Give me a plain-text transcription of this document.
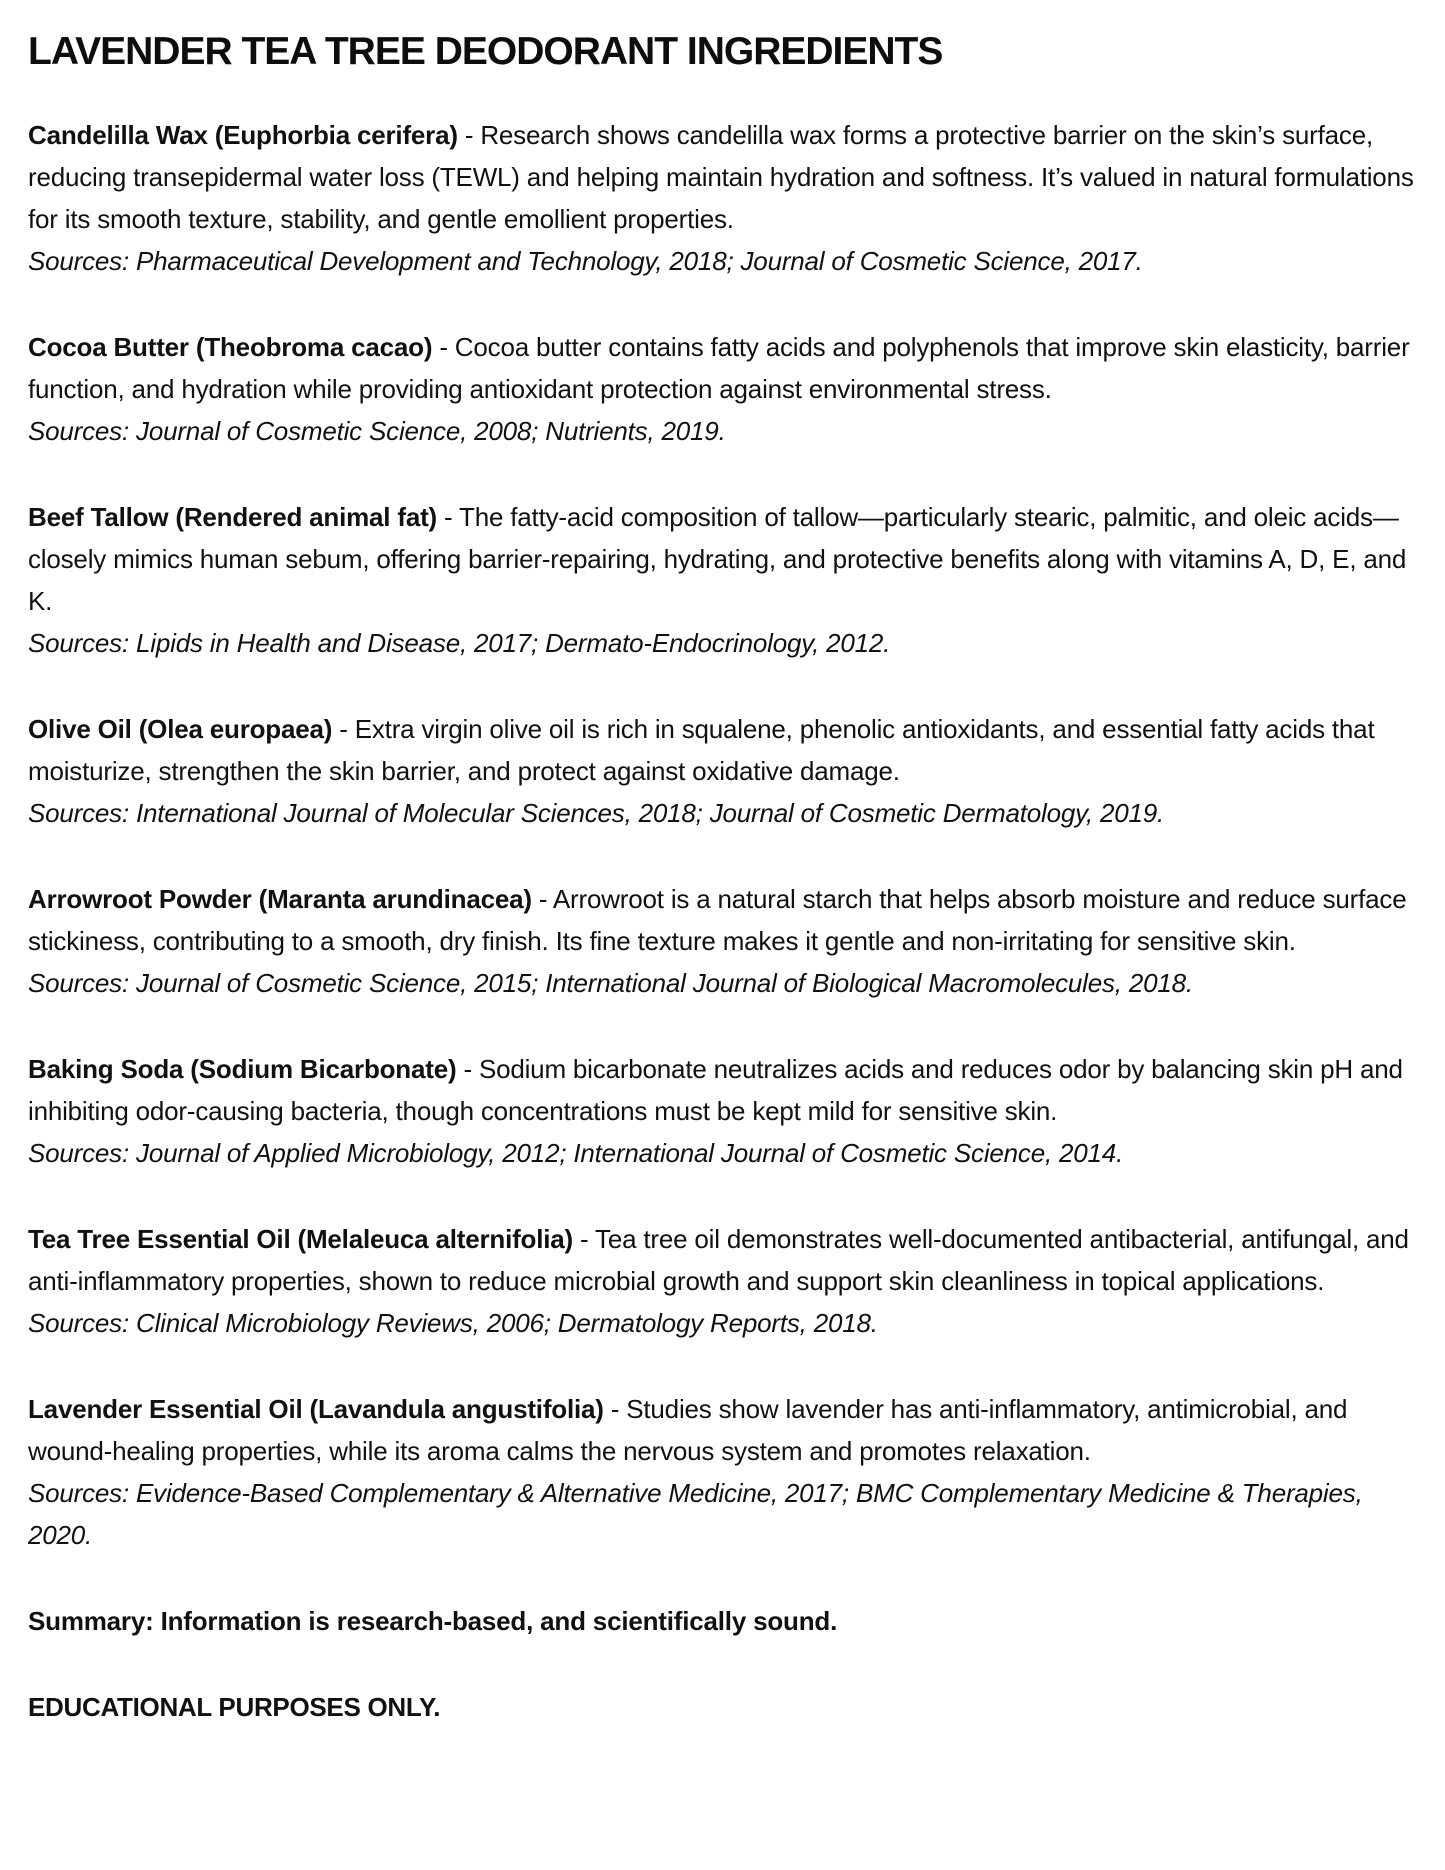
LAVENDER TEA TREE DEODORANT INGREDIENTS

Candelilla Wax (Euphorbia cerifera) - Research shows candelilla wax forms a protective barrier on the skin’s surface, reducing transepidermal water loss (TEWL) and helping maintain hydration and softness. It’s valued in natural formulations for its smooth texture, stability, and gentle emollient properties.

Sources: Pharmaceutical Development and Technology, 2018; Journal of Cosmetic Science, 2017.

Cocoa Butter (Theobroma cacao) - Cocoa butter contains fatty acids and polyphenols that improve skin elasticity, barrier function, and hydration while providing antioxidant protection against environmental stress.

Sources: Journal of Cosmetic Science, 2008; Nutrients, 2019.

Beef Tallow (Rendered animal fat) - The fatty-acid composition of tallow—particularly stearic, palmitic, and oleic acids—closely mimics human sebum, offering barrier-repairing, hydrating, and protective benefits along with vitamins A, D, E, and K.

Sources: Lipids in Health and Disease, 2017; Dermato-Endocrinology, 2012.

Olive Oil (Olea europaea) - Extra virgin olive oil is rich in squalene, phenolic antioxidants, and essential fatty acids that moisturize, strengthen the skin barrier, and protect against oxidative damage.

Sources: International Journal of Molecular Sciences, 2018; Journal of Cosmetic Dermatology, 2019.

Arrowroot Powder (Maranta arundinacea) - Arrowroot is a natural starch that helps absorb moisture and reduce surface stickiness, contributing to a smooth, dry finish. Its fine texture makes it gentle and non-irritating for sensitive skin.

Sources: Journal of Cosmetic Science, 2015; International Journal of Biological Macromolecules, 2018.

Baking Soda (Sodium Bicarbonate) - Sodium bicarbonate neutralizes acids and reduces odor by balancing skin pH and inhibiting odor-causing bacteria, though concentrations must be kept mild for sensitive skin.

Sources: Journal of Applied Microbiology, 2012; International Journal of Cosmetic Science, 2014.

Tea Tree Essential Oil (Melaleuca alternifolia) - Tea tree oil demonstrates well-documented antibacterial, antifungal, and anti-inflammatory properties, shown to reduce microbial growth and support skin cleanliness in topical applications.

Sources: Clinical Microbiology Reviews, 2006; Dermatology Reports, 2018.

Lavender Essential Oil (Lavandula angustifolia) - Studies show lavender has anti-inflammatory, antimicrobial, and wound-healing properties, while its aroma calms the nervous system and promotes relaxation.

Sources: Evidence-Based Complementary & Alternative Medicine, 2017; BMC Complementary Medicine & Therapies, 2020.

Summary: Information is research-based, and scientifically sound.

EDUCATIONAL PURPOSES ONLY.
